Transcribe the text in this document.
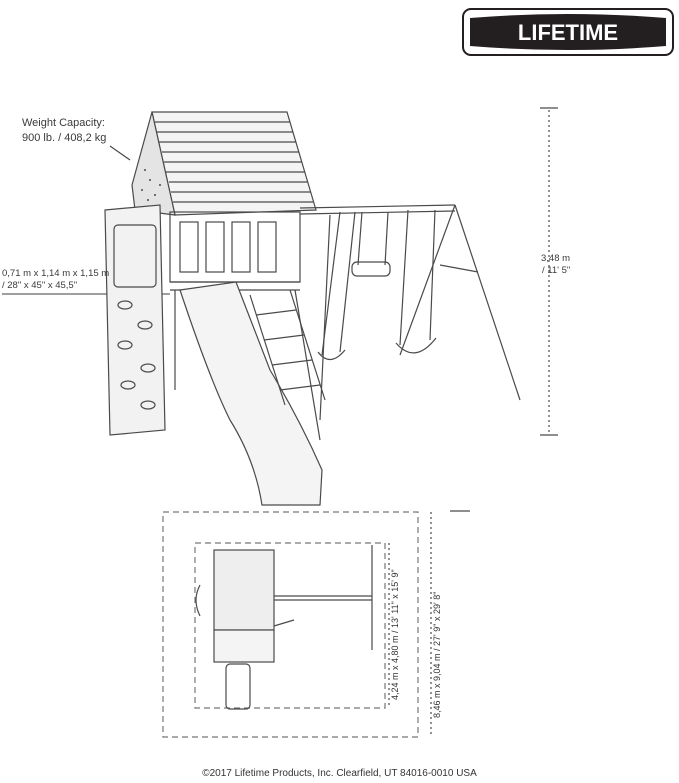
LIFETIME
Weight Capacity:
900 lb. / 408,2 kg
0,71 m x 1,14 m x 1,15 m
/ 28" x 45" x 45,5"
3,48 m
/ 11' 5"
4,24 m x 4,80 m / 13' 11" x 15' 9"	8,46 m x 9,04 m / 27' 9" x 29' 8"
©2017 Lifetime Products, Inc. Clearfield, UT 84016-0010 USA
